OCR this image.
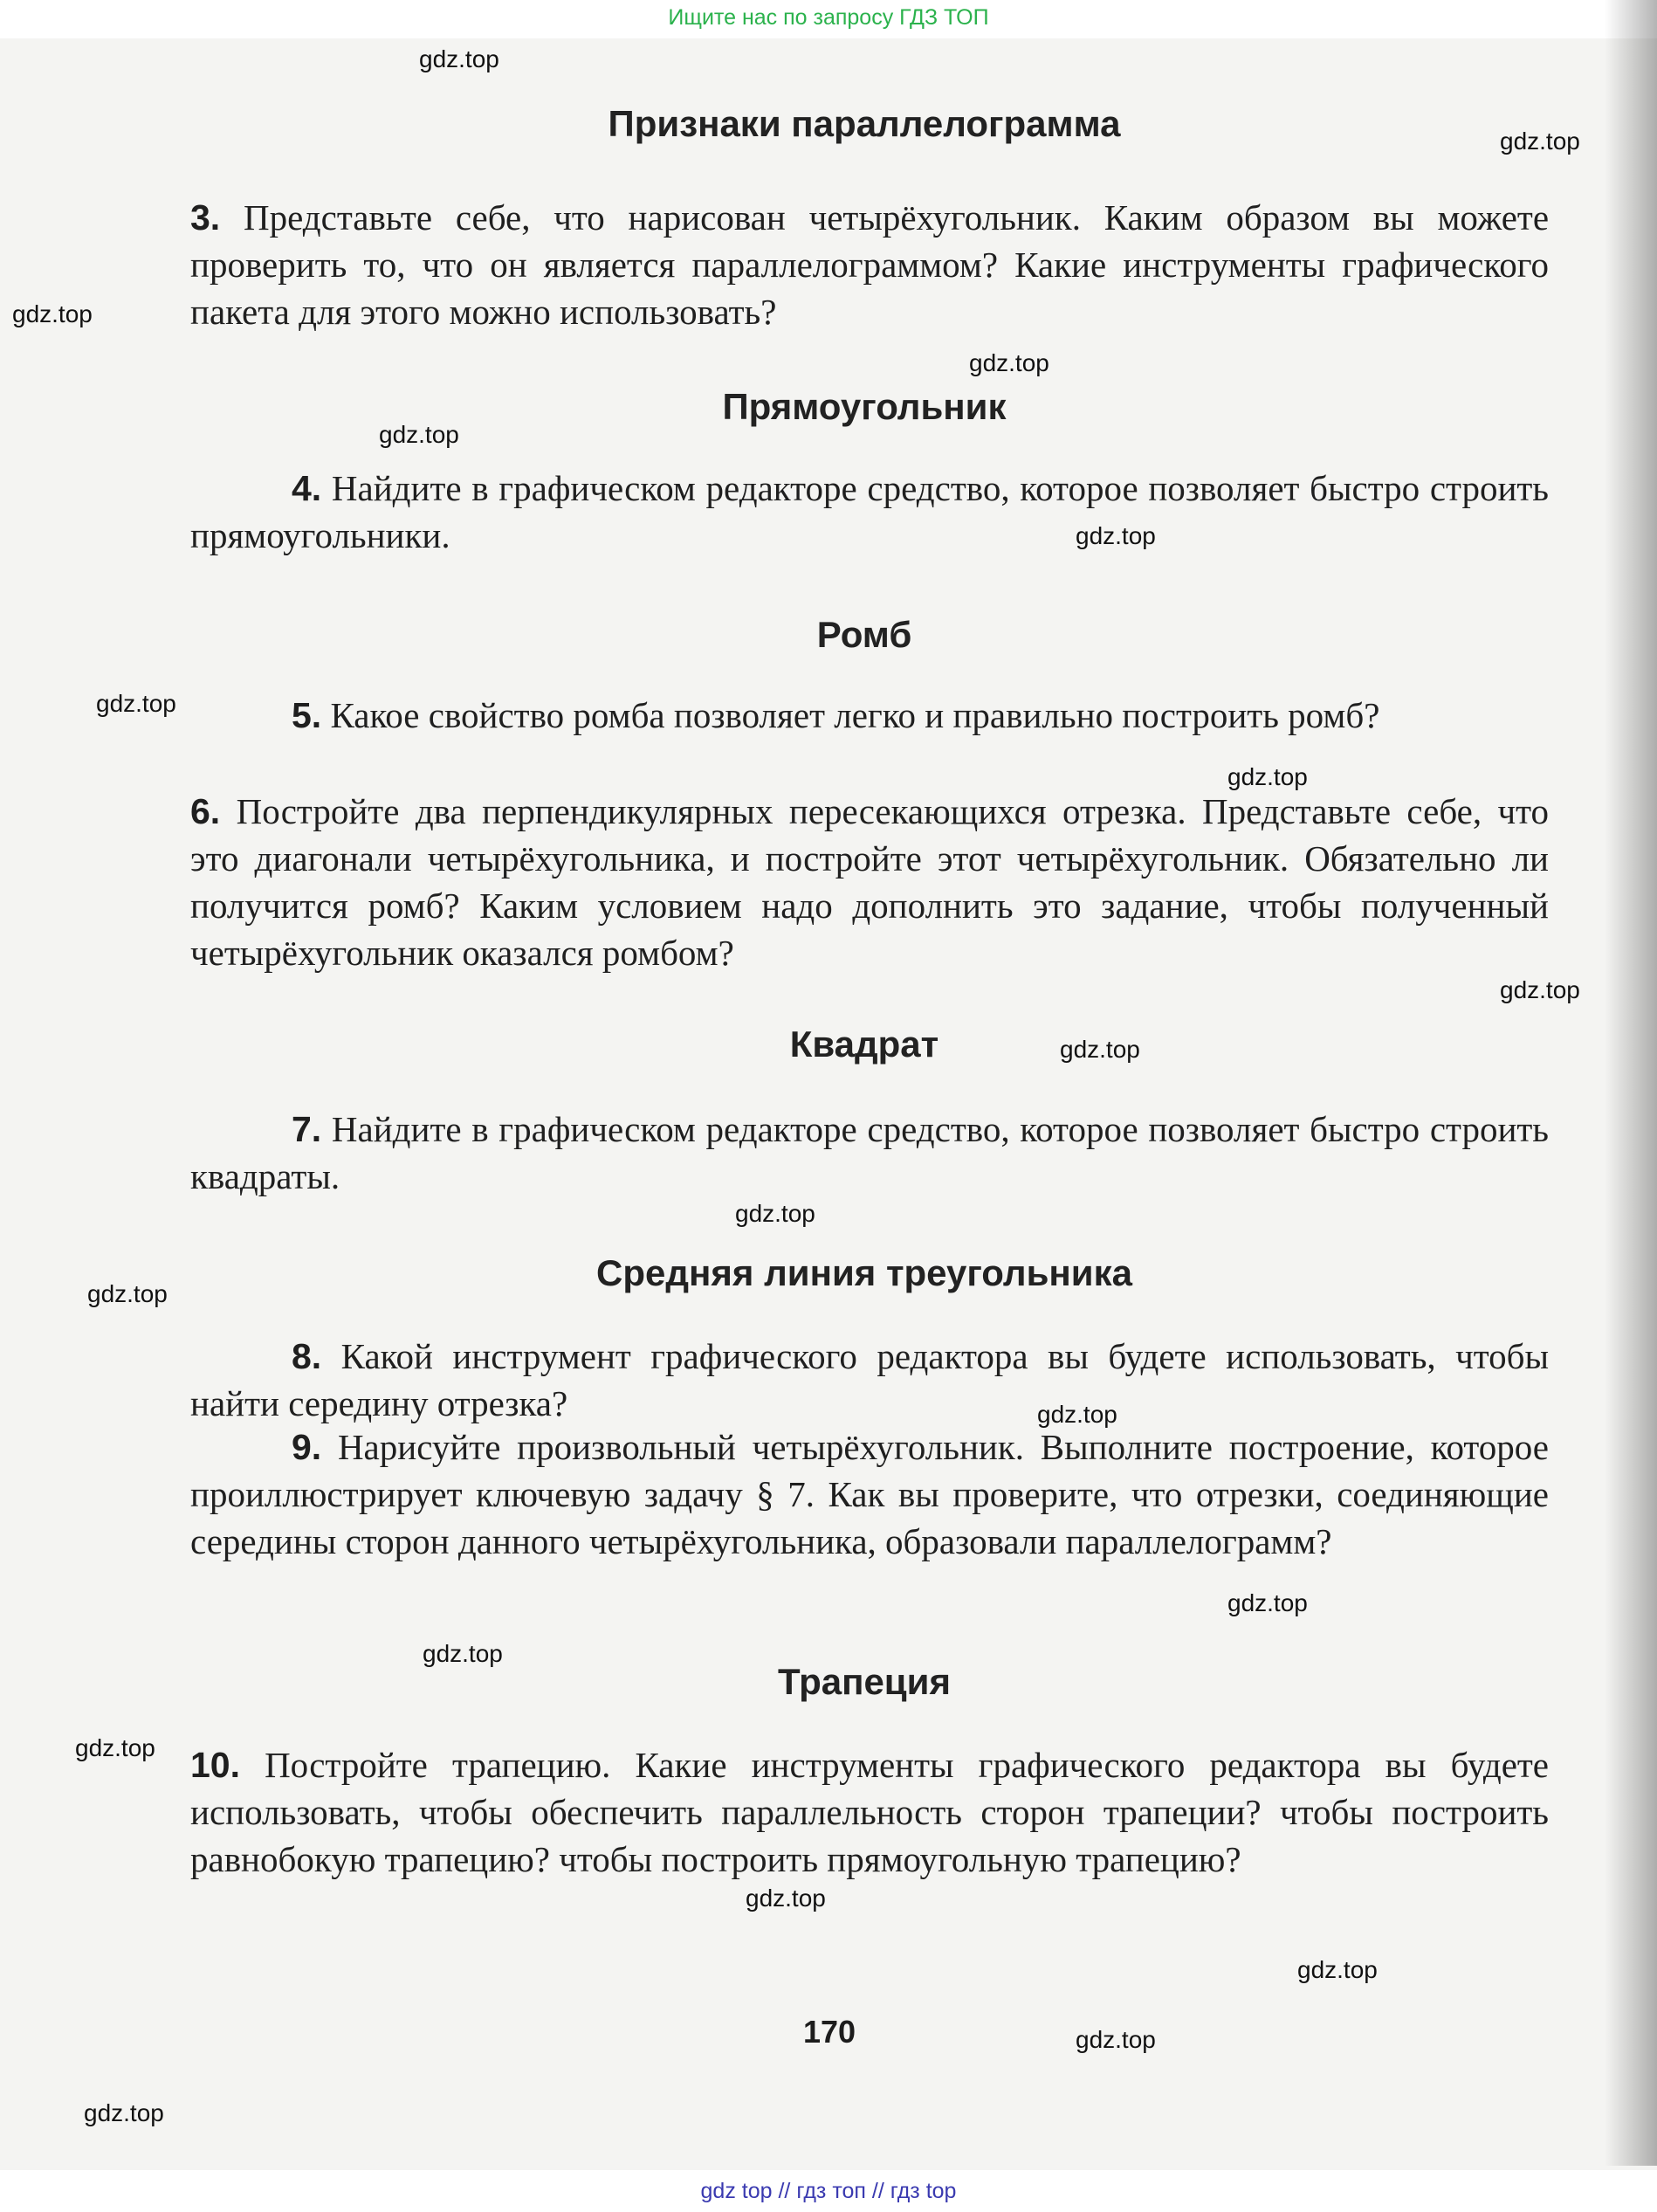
Ищите нас по запросу ГДЗ ТОП
Признаки параллелограмма
3. Представьте себе, что нарисован четырёхугольник. Каким образом вы можете проверить то, что он является параллелограммом? Какие инструменты графического пакета для этого можно использовать?
Прямоугольник
4. Найдите в графическом редакторе средство, которое позволяет быстро строить прямоугольники.
Ромб
5. Какое свойство ромба позволяет легко и правильно построить ромб?
6. Постройте два перпендикулярных пересекающихся отрезка. Представьте себе, что это диагонали четырёхугольника, и постройте этот четырёхугольник. Обязательно ли получится ромб? Каким условием надо дополнить это задание, чтобы полученный четырёхугольник оказался ромбом?
Квадрат
7. Найдите в графическом редакторе средство, которое позволяет быстро строить квадраты.
Средняя линия треугольника
8. Какой инструмент графического редактора вы будете использовать, чтобы найти середину отрезка?
9. Нарисуйте произвольный четырёхугольник. Выполните построение, которое проиллюстрирует ключевую задачу § 7. Как вы проверите, что отрезки, соединяющие середины сторон данного четырёхугольника, образовали параллелограмм?
Трапеция
10. Постройте трапецию. Какие инструменты графического редактора вы будете использовать, чтобы обеспечить параллельность сторон трапеции? чтобы построить равнобокую трапецию? чтобы построить прямоугольную трапецию?
170
gdz.top
gdz.top
gdz.top
gdz.top
gdz.top
gdz.top
gdz.top
gdz.top
gdz.top
gdz.top
gdz.top
gdz.top
gdz.top
gdz.top
gdz.top
gdz.top
gdz.top
gdz.top
gdz.top
gdz.top
gdz top // гдз топ // гдз top
